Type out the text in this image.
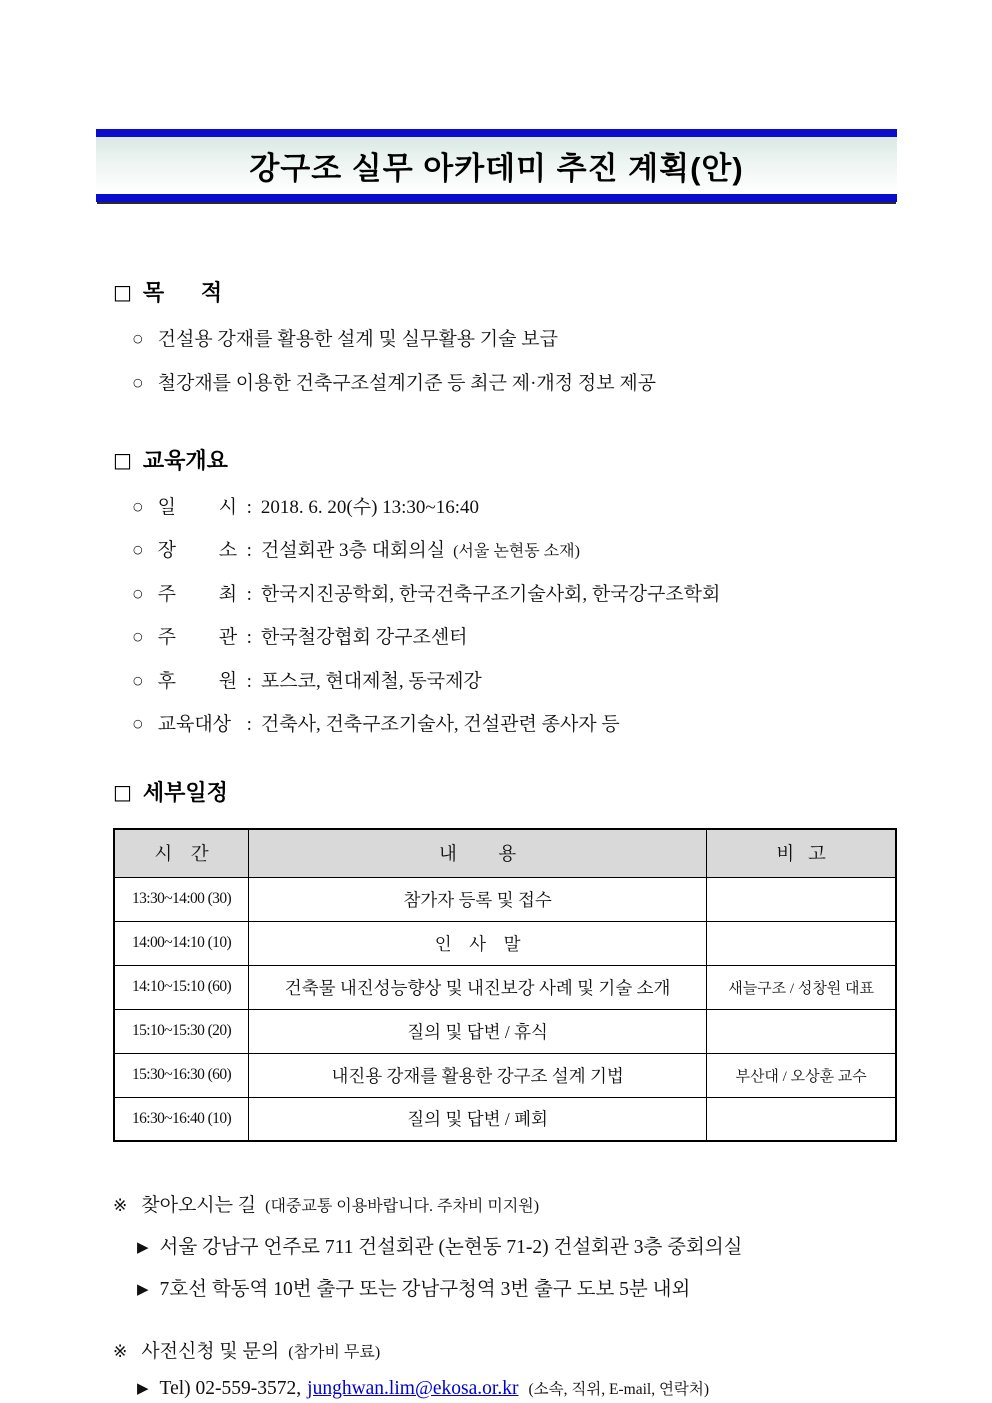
강구조 실무 아카데미 추진 계획(안)
□ 목      적
○ 건설용 강재를 활용한 설계 및 실무활용 기술 보급
○ 철강재를 이용한 건축구조설계기준 등 최근 제·개정 정보 제공
□ 교육개요
○ 일         시 : 2018. 6. 20(수) 13:30~16:40
○ 장         소 : 건설회관 3층 대회의실 (서울 논현동 소재)
○ 주         최 : 한국지진공학회, 한국건축구조기술사회, 한국강구조학회
○ 주         관 : 한국철강협회 강구조센터
○ 후         원 : 포스코, 현대제철, 동국제강
○ 교육대상 : 건축사, 건축구조기술사, 건설관련 종사자 등
□ 세부일정
시    간	내         용	비   고
13:30~14:00 (30)	참가자 등록 및 접수	
14:00~14:10 (10)	인    사    말	
14:10~15:10 (60)	건축물 내진성능향상 및 내진보강 사례 및 기술 소개	새늘구조 / 성창원 대표
15:10~15:30 (20)	질의 및 답변 / 휴식	
15:30~16:30 (60)	내진용 강재를 활용한 강구조 설계 기법	부산대 / 오상훈 교수
16:30~16:40 (10)	질의 및 답변 / 폐회	
※ 찾아오시는 길 (대중교통 이용바랍니다. 주차비 미지원)
▶ 서울 강남구 언주로 711 건설회관 (논현동 71-2) 건설회관 3층 중회의실
▶ 7호선 학동역 10번 출구 또는 강남구청역 3번 출구 도보 5분 내외
※ 사전신청 및 문의 (참가비 무료)
▶ Tel) 02-559-3572, junghwan.lim@ekosa.or.kr (소속, 직위, E-mail, 연락처)
